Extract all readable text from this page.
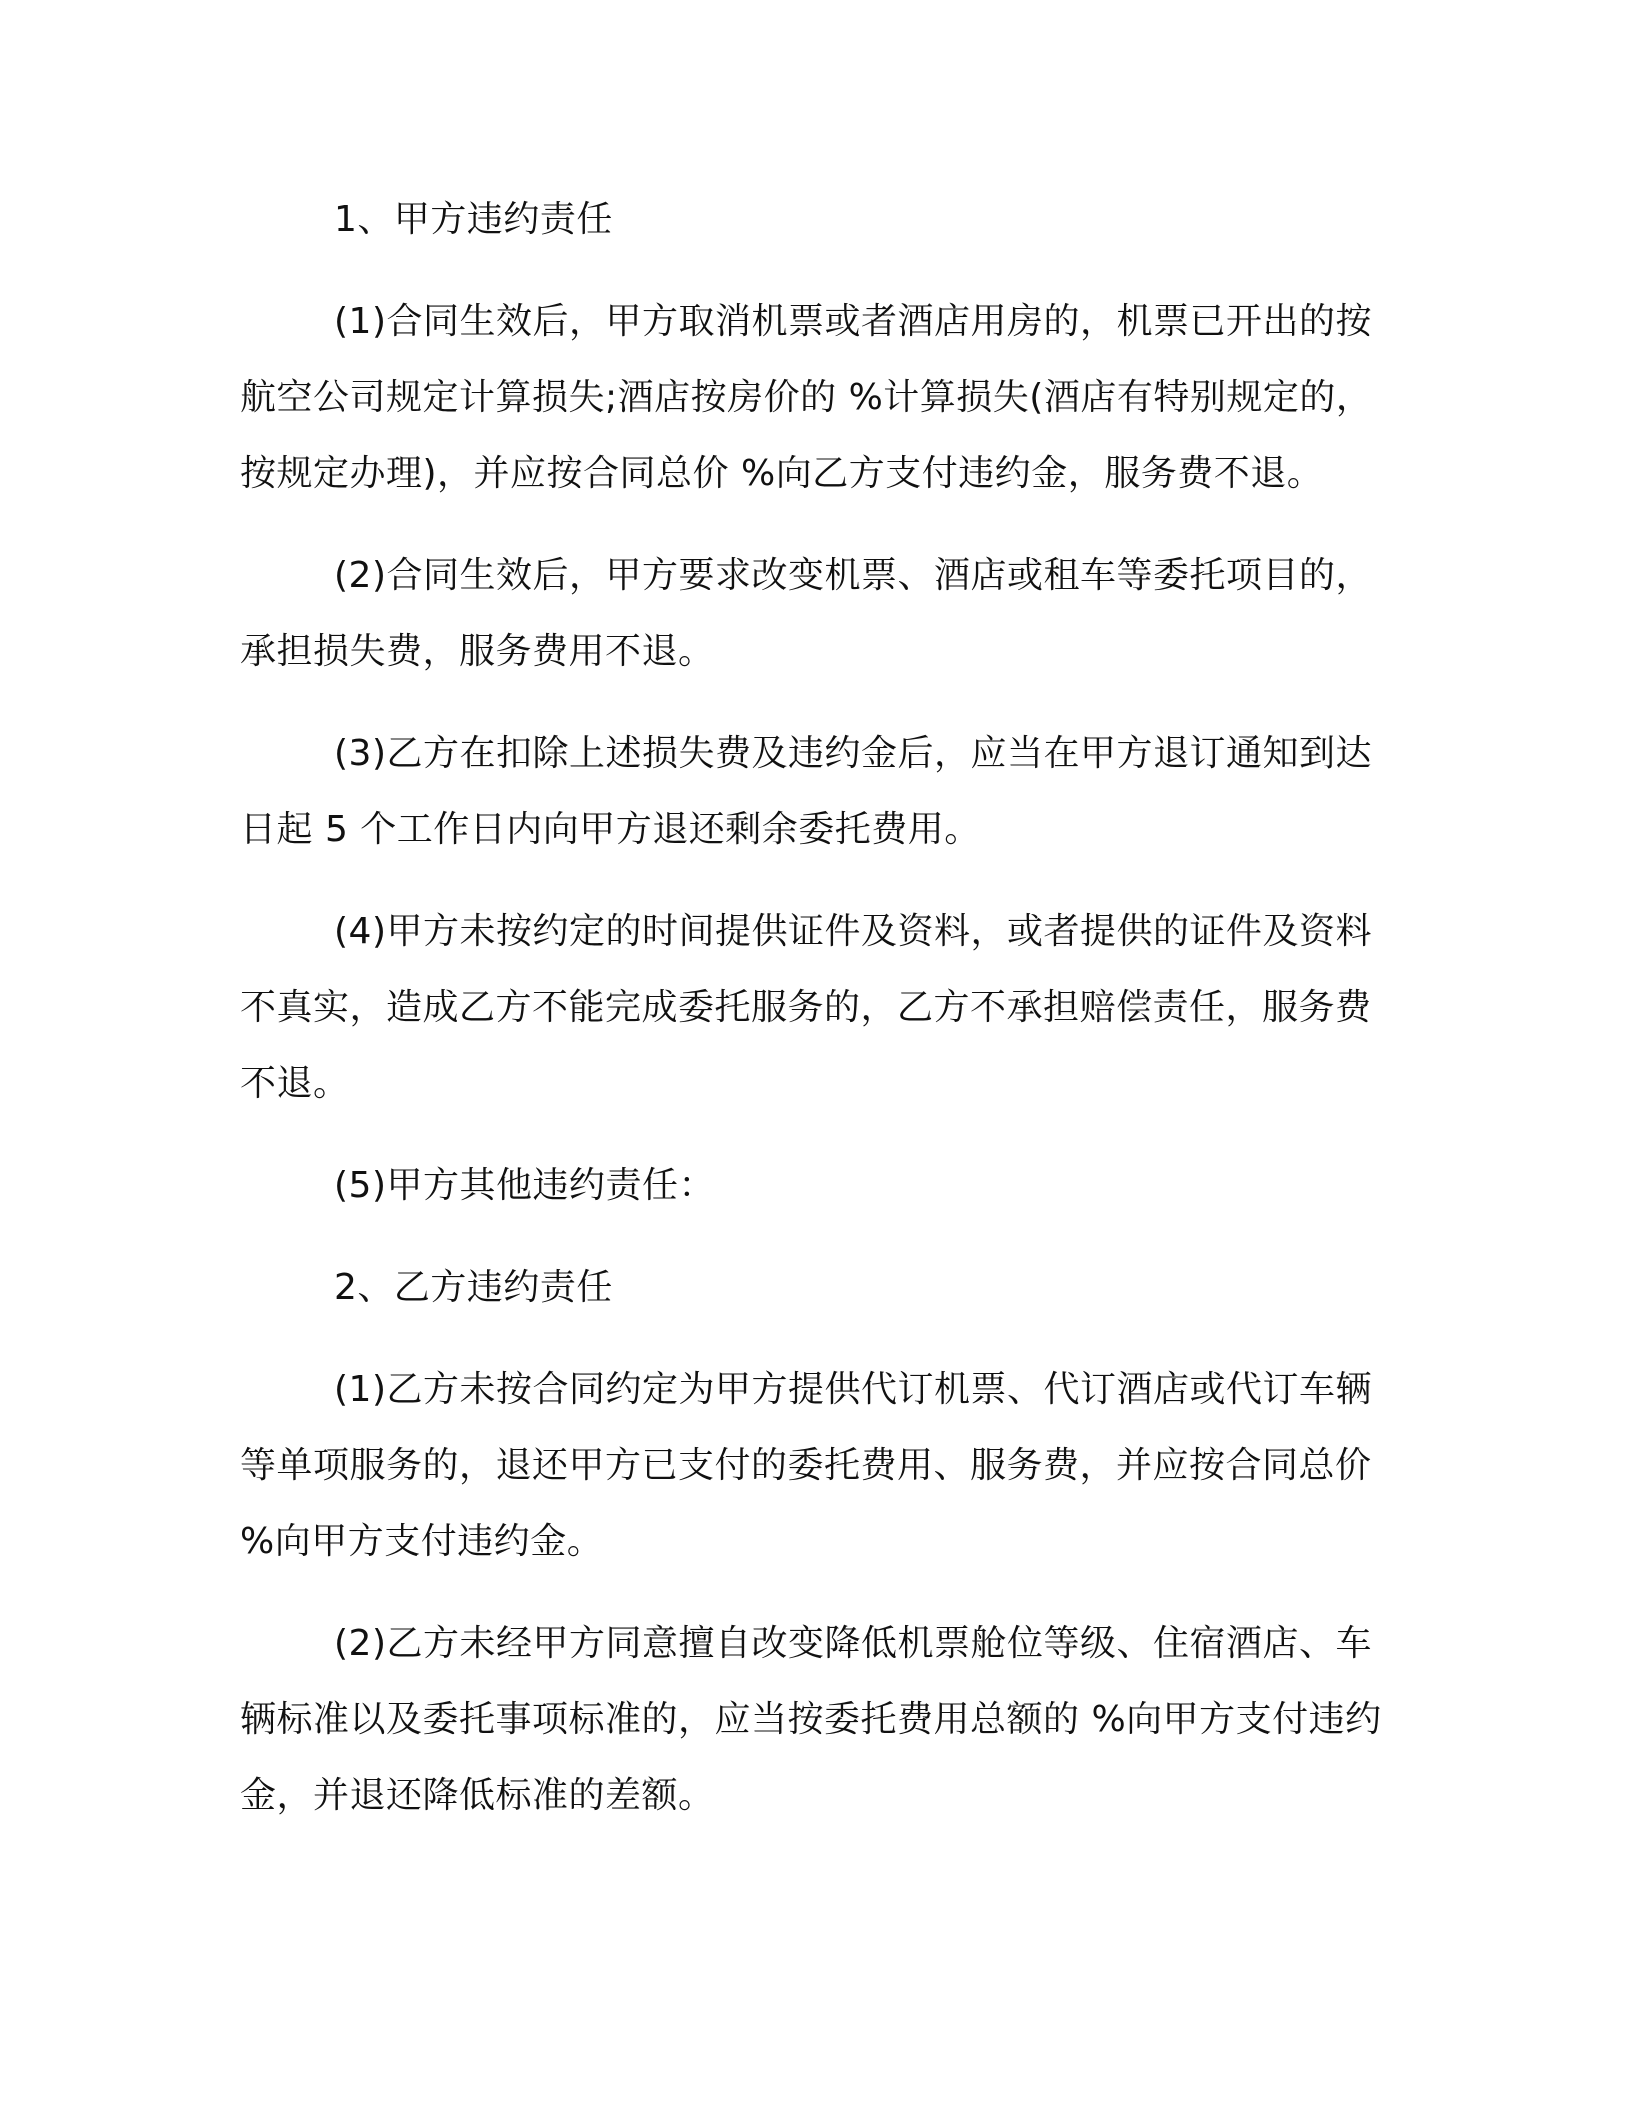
1、甲方违约责任

(1)合同生效后，甲方取消机票或者酒店用房的，机票已开出的按航空公司规定计算损失;酒店按房价的 %计算损失(酒店有特别规定的，按规定办理)，并应按合同总价 %向乙方支付违约金，服务费不退。

(2)合同生效后，甲方要求改变机票、酒店或租车等委托项目的，承担损失费，服务费用不退。

(3)乙方在扣除上述损失费及违约金后，应当在甲方退订通知到达日起 5 个工作日内向甲方退还剩余委托费用。

(4)甲方未按约定的时间提供证件及资料，或者提供的证件及资料不真实，造成乙方不能完成委托服务的，乙方不承担赔偿责任，服务费不退。

(5)甲方其他违约责任：

2、乙方违约责任

(1)乙方未按合同约定为甲方提供代订机票、代订酒店或代订车辆等单项服务的，退还甲方已支付的委托费用、服务费，并应按合同总价 %向甲方支付违约金。

(2)乙方未经甲方同意擅自改变降低机票舱位等级、住宿酒店、车辆标准以及委托事项标准的，应当按委托费用总额的 %向甲方支付违约金，并退还降低标准的差额。
